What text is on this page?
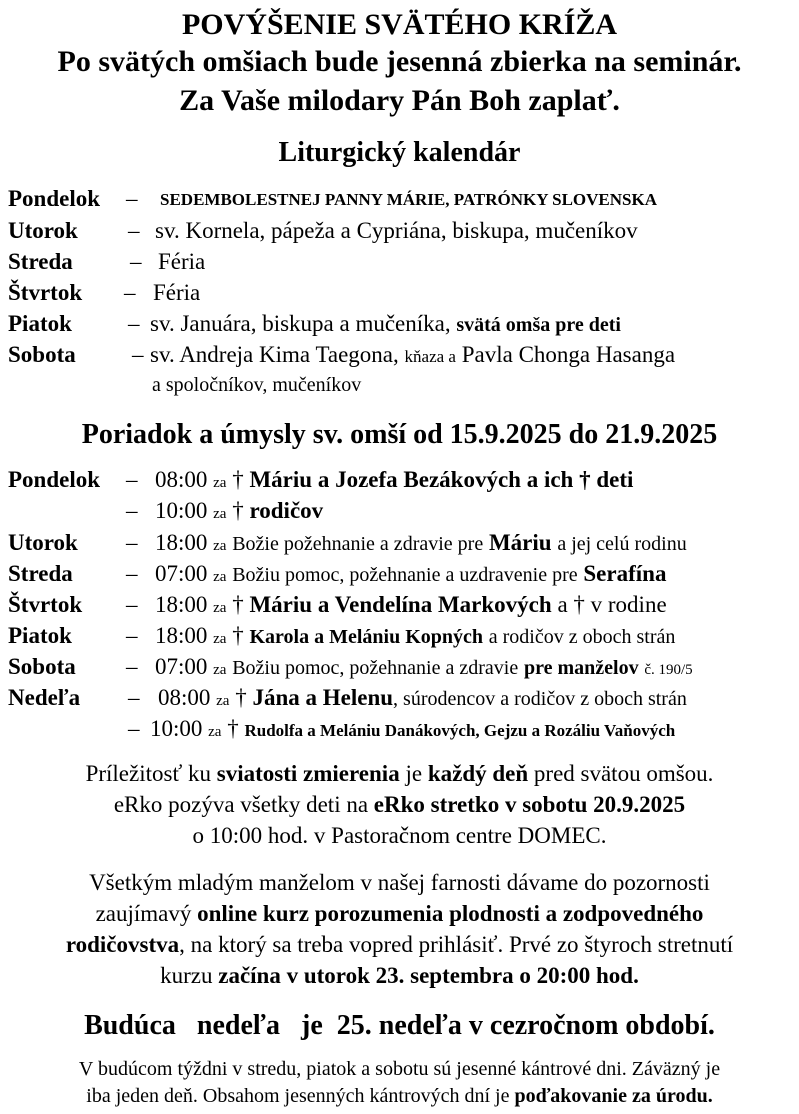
POVÝŠENIE SVÄTÉHO KRÍŽA
Po svätých omšiach bude jesenná zbierka na seminár.
Za Vaše milodary Pán Boh zaplať.
Liturgický kalendár
Pondelok – SEDEMBOLESTNEJ PANNY MÁRIE, PATRÓNKY SLOVENSKA
Utorok – sv. Kornela, pápeža a Cypriána, biskupa, mučeníkov
Streda – Féria
Štvrtok – Féria
Piatok – sv. Januára, biskupa a mučeníka, svätá omša pre deti
Sobota – sv. Andreja Kima Taegona, kňaza a Pavla Chonga Hasanga
a spoločníkov, mučeníkov
Poriadok a úmysly sv. omší od 15.9.2025 do 21.9.2025
Pondelok – 08:00 za † Máriu a Jozefa Bezákových a ich † deti
– 10:00 za † rodičov
Utorok – 18:00 za Božie požehnanie a zdravie pre Máriu a jej celú rodinu
Streda – 07:00 za Božiu pomoc, požehnanie a uzdravenie pre Serafína
Štvrtok – 18:00 za † Máriu a Vendelína Markových a † v rodine
Piatok – 18:00 za † Karola a Melániu Kopných a rodičov z oboch strán
Sobota – 07:00 za Božiu pomoc, požehnanie a zdravie pre manželov č. 190/5
Nedeľa – 08:00 za † Jána a Helenu, súrodencov a rodičov z oboch strán
– 10:00 za † Rudolfa a Melániu Danákových, Gejzu a Rozáliu Vaňových
Príležitosť ku sviatosti zmierenia je každý deň pred svätou omšou.
eRko pozýva všetky deti na eRko stretko v sobotu 20.9.2025
o 10:00 hod. v Pastoračnom centre DOMEC.
Všetkým mladým manželom v našej farnosti dávame do pozornosti
zaujímavý online kurz porozumenia plodnosti a zodpovedného
rodičovstva, na ktorý sa treba vopred prihlásiť. Prvé zo štyroch stretnutí
kurzu začína v utorok 23. septembra o 20:00 hod.
Budúca   nedeľa   je  25. nedeľa v cezročnom období.
V budúcom týždni v stredu, piatok a sobotu sú jesenné kántrové dni. Záväzný je
iba jeden deň. Obsahom jesenných kántrových dní je poďakovanie za úrodu.
